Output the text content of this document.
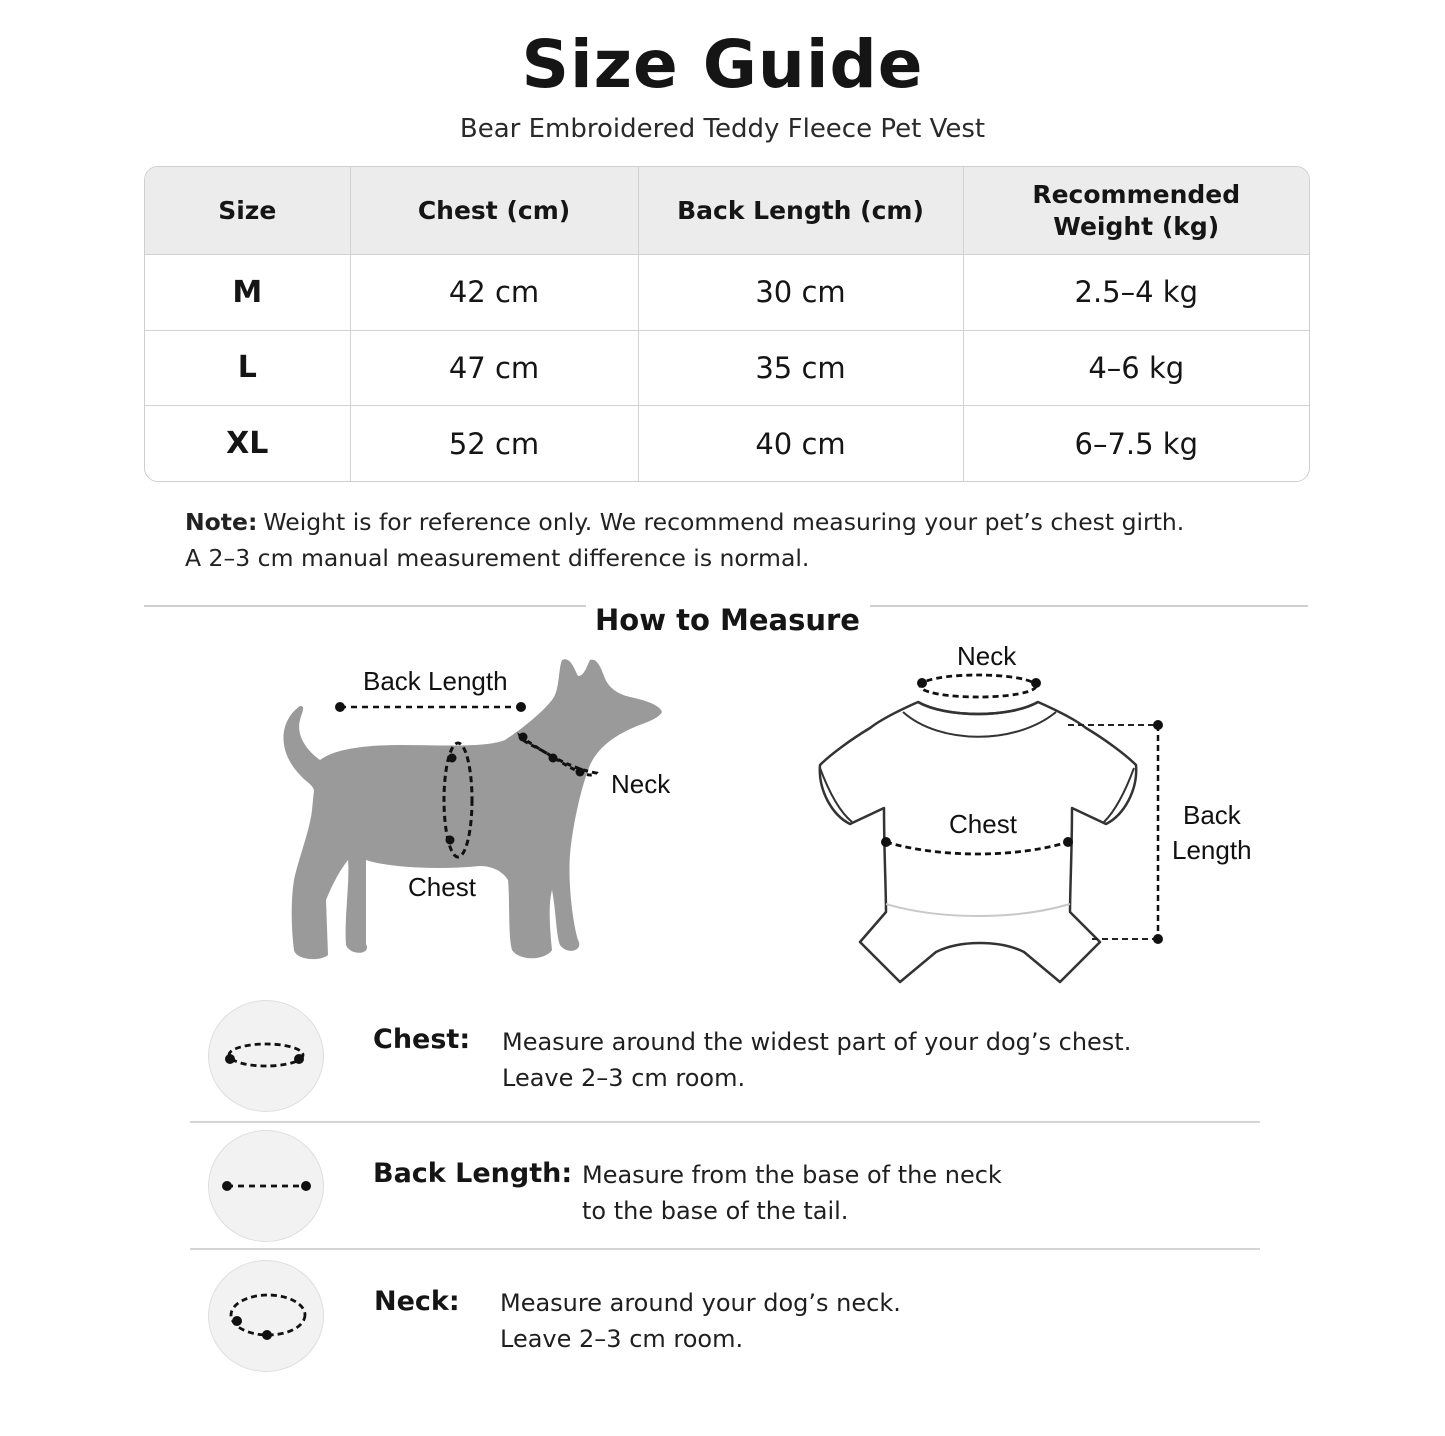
Size Guide
Bear Embroidered Teddy Fleece Pet Vest
Size	Chest (cm)	Back Length (cm)	Recommended Weight (kg)
M	42 cm	30 cm	2.5–4 kg
L	47 cm	35 cm	4–6 kg
XL	52 cm	40 cm	6–7.5 kg
Note: Weight is for reference only. We recommend measuring your pet’s chest girth.
A 2–3 cm manual measurement difference is normal.
How to Measure
Back Length
Neck
Chest
Neck
Chest	Back
Length
Chest: Measure around the widest part of your dog’s chest.
Leave 2–3 cm room.
Back Length: Measure from the base of the neck
to the base of the tail.
Neck: Measure around your dog’s neck.
Leave 2–3 cm room.
